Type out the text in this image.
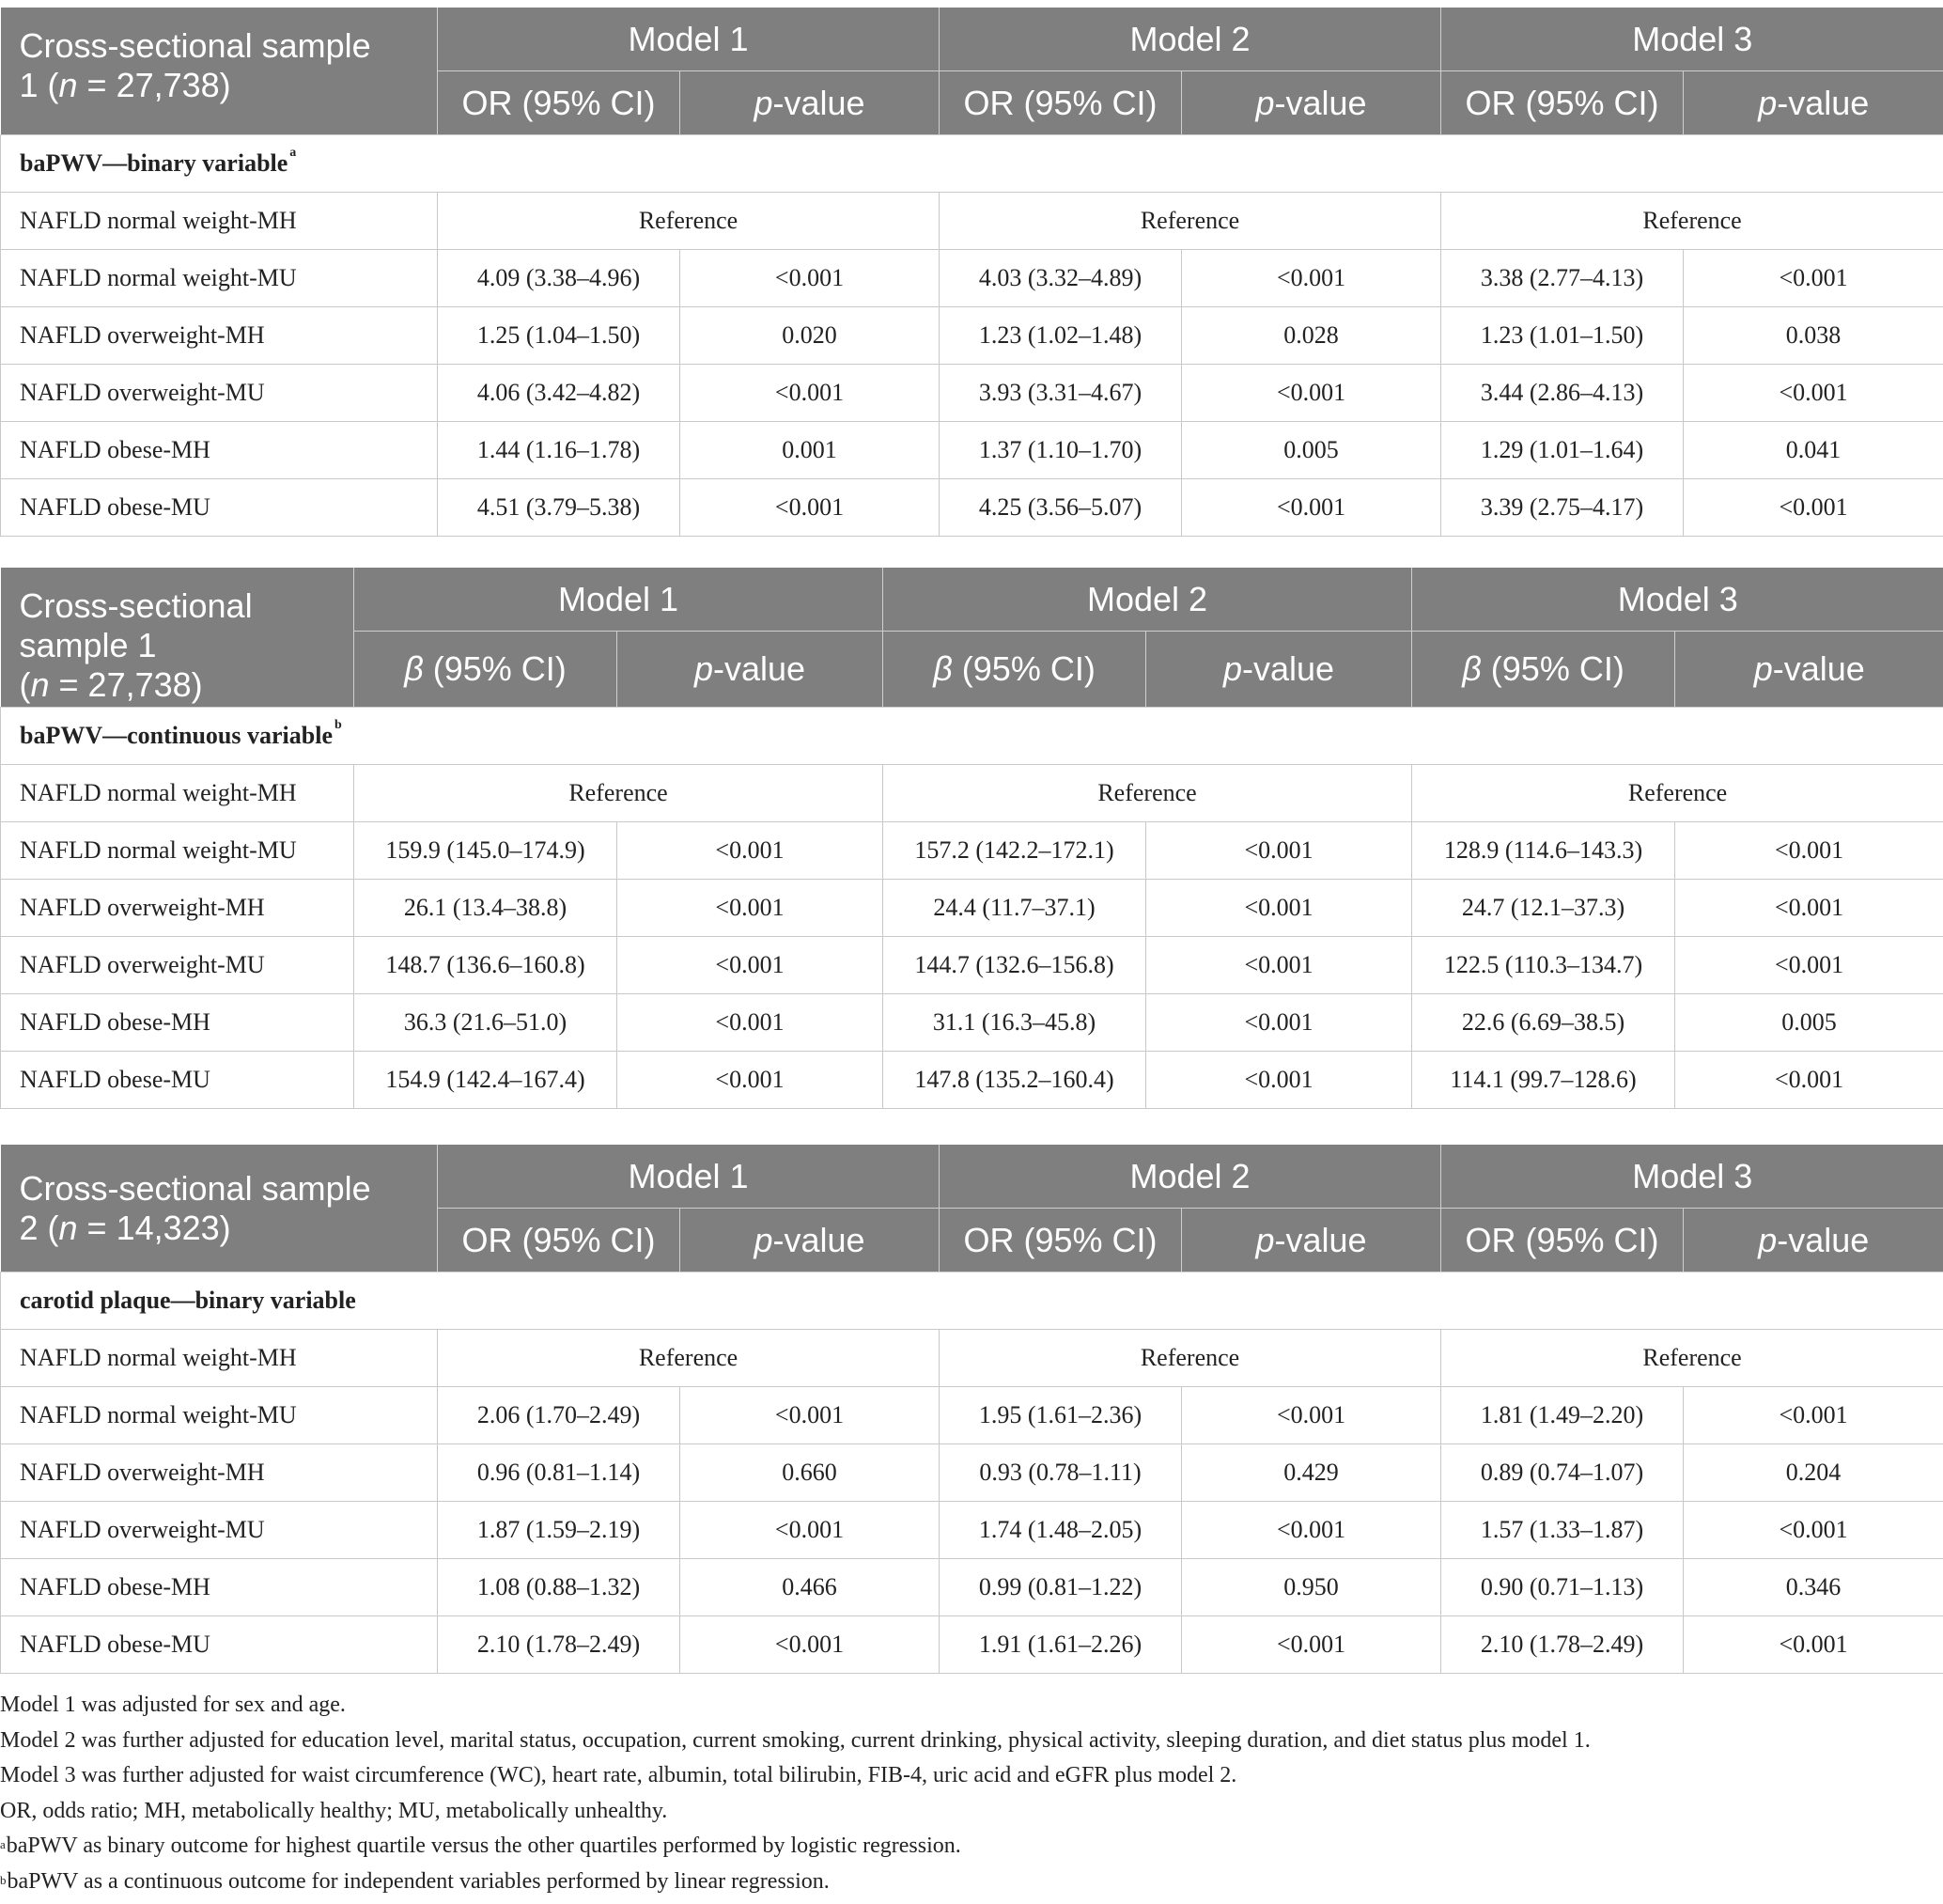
Cross-sectional sample
1 (n = 27,738)	Model 1		Model 2		Model 3	
	OR (95% CI)	p-value	OR (95% CI)	p-value	OR (95% CI)	p-value
baPWV—binary variable $^a$
NAFLD normal weight-MH	Reference		Reference		Reference	
NAFLD normal weight-MU	4.09 (3.38–4.96)	<0.001	4.03 (3.32–4.89)	<0.001	3.38 (2.77–4.13)	<0.001
NAFLD overweight-MH	1.25 (1.04–1.50)	0.020	1.23 (1.02–1.48)	0.028	1.23 (1.01–1.50)	0.038
NAFLD overweight-MU	4.06 (3.42–4.82)	<0.001	3.93 (3.31–4.67)	<0.001	3.44 (2.86–4.13)	<0.001
NAFLD obese-MH	1.44 (1.16–1.78)	0.001	1.37 (1.10–1.70)	0.005	1.29 (1.01–1.64)	0.041
NAFLD obese-MU	4.51 (3.79–5.38)	<0.001	4.25 (3.56–5.07)	<0.001	3.39 (2.75–4.17)	<0.001
Cross-sectional
sample 1
(n = 27,738)	Model 1		Model 2		Model 3	
	β (95% CI)	p-value	β (95% CI)	p-value	β (95% CI)	p-value
baPWV—continuous variable $^b$
NAFLD normal weight-MH	Reference		Reference		Reference	
NAFLD normal weight-MU	159.9 (145.0–174.9)	<0.001	157.2 (142.2–172.1)	<0.001	128.9 (114.6–143.3)	<0.001
NAFLD overweight-MH	26.1 (13.4–38.8)	<0.001	24.4 (11.7–37.1)	<0.001	24.7 (12.1–37.3)	<0.001
NAFLD overweight-MU	148.7 (136.6–160.8)	<0.001	144.7 (132.6–156.8)	<0.001	122.5 (110.3–134.7)	<0.001
NAFLD obese-MH	36.3 (21.6–51.0)	<0.001	31.1 (16.3–45.8)	<0.001	22.6 (6.69–38.5)	0.005
NAFLD obese-MU	154.9 (142.4–167.4)	<0.001	147.8 (135.2–160.4)	<0.001	114.1 (99.7–128.6)	<0.001
Cross-sectional sample
2 (n = 14,323)	Model 1		Model 2		Model 3	
	OR (95% CI)	p-value	OR (95% CI)	p-value	OR (95% CI)	p-value
carotid plaque—binary variable						
NAFLD normal weight-MH	Reference		Reference		Reference	
NAFLD normal weight-MU	2.06 (1.70–2.49)	<0.001	1.95 (1.61–2.36)	<0.001	1.81 (1.49–2.20)	<0.001
NAFLD overweight-MH	0.96 (0.81–1.14)	0.660	0.93 (0.78–1.11)	0.429	0.89 (0.74–1.07)	0.204
NAFLD overweight-MU	1.87 (1.59–2.19)	<0.001	1.74 (1.48–2.05)	<0.001	1.57 (1.33–1.87)	<0.001
NAFLD obese-MH	1.08 (0.88–1.32)	0.466	0.99 (0.81–1.22)	0.950	0.90 (0.71–1.13)	0.346
NAFLD obese-MU	2.10 (1.78–2.49)	<0.001	1.91 (1.61–2.26)	<0.001	2.10 (1.78–2.49)	<0.001

Model 1 was adjusted for sex and age.

Model 2 was further adjusted for education level, marital status, occupation, current smoking, current drinking, physical activity, sleeping duration, and diet status plus model 1.

Model 3 was further adjusted for waist circumference (WC), heart rate, albumin, total bilirubin, FIB-4, uric acid and eGFR plus model 2.

OR, odds ratio; MH, metabolically healthy; MU, metabolically unhealthy.

$^a$baPWV as binary outcome for highest quartile versus the other quartiles performed by logistic regression.

$^b$baPWV as a continuous outcome for independent variables performed by linear regression.
